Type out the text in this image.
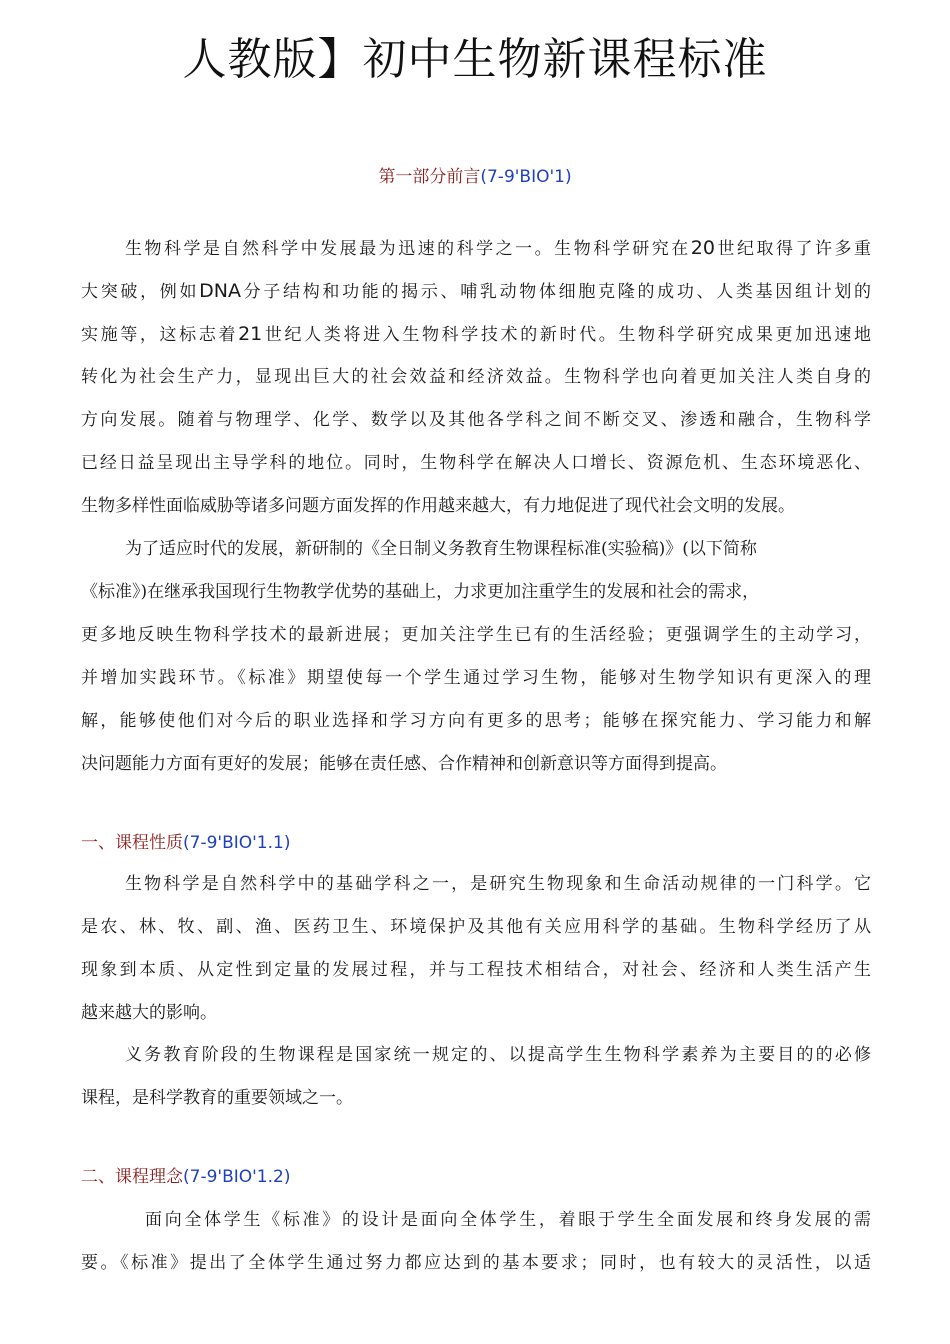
人教版】初中生物新课程标准
第一部分前言(7-9'BIO'1)
生物科学是自然科学中发展最为迅速的科学之一。生物科学研究在20世纪取得了许多重
大突破，例如DNA分子结构和功能的揭示、哺乳动物体细胞克隆的成功、人类基因组计划的
实施等，这标志着21世纪人类将进入生物科学技术的新时代。生物科学研究成果更加迅速地
转化为社会生产力，显现出巨大的社会效益和经济效益。生物科学也向着更加关注人类自身的
方向发展。随着与物理学、化学、数学以及其他各学科之间不断交叉、渗透和融合，生物科学
已经日益呈现出主导学科的地位。同时，生物科学在解决人口增长、资源危机、生态环境恶化、
生物多样性面临威胁等诸多问题方面发挥的作用越来越大，有力地促进了现代社会文明的发展。
为了适应时代的发展，新研制的《全日制义务教育生物课程标准(实验稿)》(以下简称
《标准》)在继承我国现行生物教学优势的基础上，力求更加注重学生的发展和社会的需求，
更多地反映生物科学技术的最新进展；更加关注学生已有的生活经验；更强调学生的主动学习，
并增加实践环节。《标准》期望使每一个学生通过学习生物，能够对生物学知识有更深入的理
解，能够使他们对今后的职业选择和学习方向有更多的思考；能够在探究能力、学习能力和解
决问题能力方面有更好的发展；能够在责任感、合作精神和创新意识等方面得到提高。
一、课程性质(7-9'BIO'1.1)
生物科学是自然科学中的基础学科之一，是研究生物现象和生命活动规律的一门科学。它
是农、林、牧、副、渔、医药卫生、环境保护及其他有关应用科学的基础。生物科学经历了从
现象到本质、从定性到定量的发展过程，并与工程技术相结合，对社会、经济和人类生活产生
越来越大的影响。
义务教育阶段的生物课程是国家统一规定的、以提高学生生物科学素养为主要目的的必修
课程，是科学教育的重要领域之一。
二、课程理念(7-9'BIO'1.2)
面向全体学生《标准》的设计是面向全体学生，着眼于学生全面发展和终身发展的需
要。《标准》提出了全体学生通过努力都应达到的基本要求；同时，也有较大的灵活性，以适
